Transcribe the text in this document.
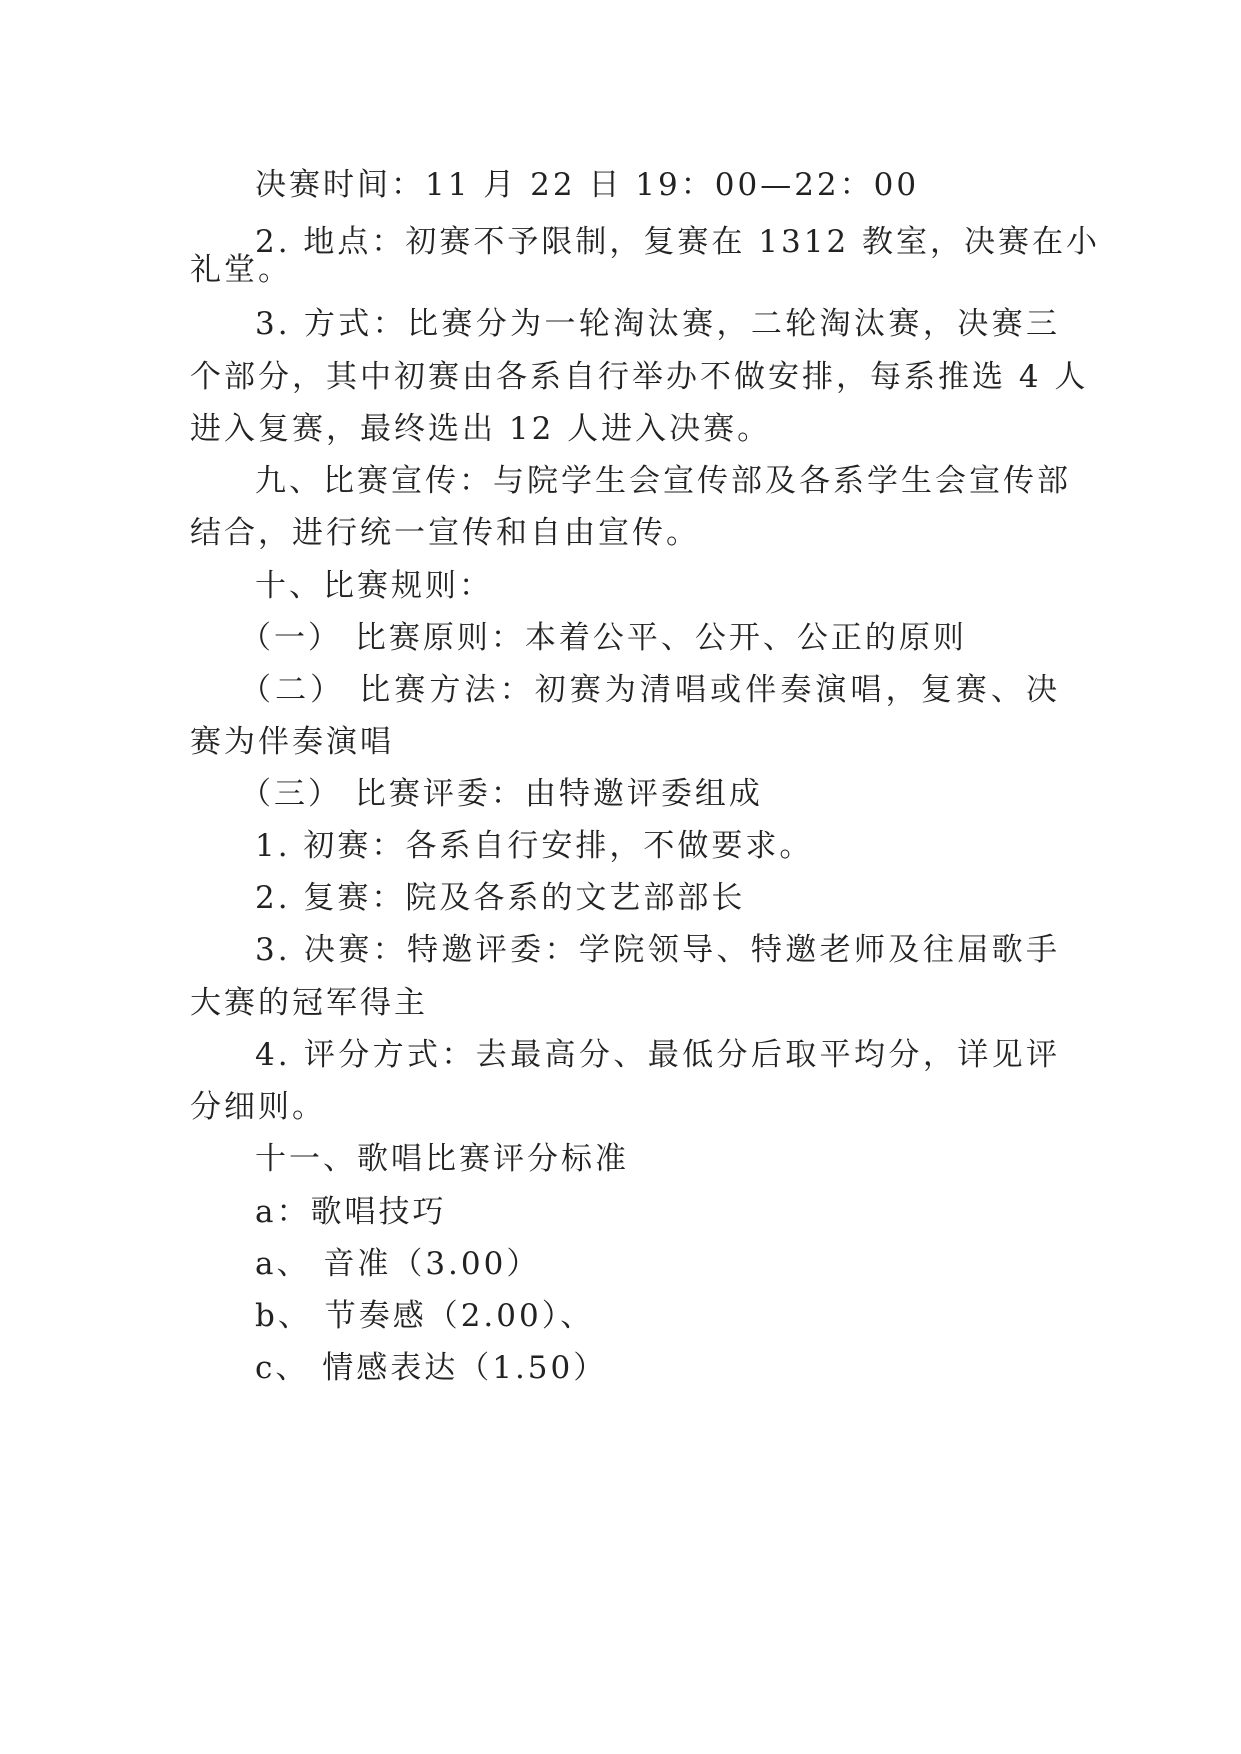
决赛时间：11 月 22 日 19：00—22：00
2. 地点：初赛不予限制，复赛在 1312 教室，决赛在小
礼堂。
3. 方式：比赛分为一轮淘汰赛，二轮淘汰赛，决赛三
个部分，其中初赛由各系自行举办不做安排，每系推选 4 人
进入复赛，最终选出 12 人进入决赛。
九、比赛宣传：与院学生会宣传部及各系学生会宣传部
结合，进行统一宣传和自由宣传。
十、比赛规则：
（一） 比赛原则：本着公平、公开、公正的原则
（二） 比赛方法：初赛为清唱或伴奏演唱，复赛、决
赛为伴奏演唱
（三） 比赛评委：由特邀评委组成
1. 初赛：各系自行安排，不做要求。
2. 复赛：院及各系的文艺部部长
3. 决赛：特邀评委：学院领导、特邀老师及往届歌手
大赛的冠军得主
4. 评分方式：去最高分、最低分后取平均分，详见评
分细则。
十一、歌唱比赛评分标准
a：歌唱技巧
a、 音准（3.00）
b、 节奏感（2.00）、
c、 情感表达（1.50）
